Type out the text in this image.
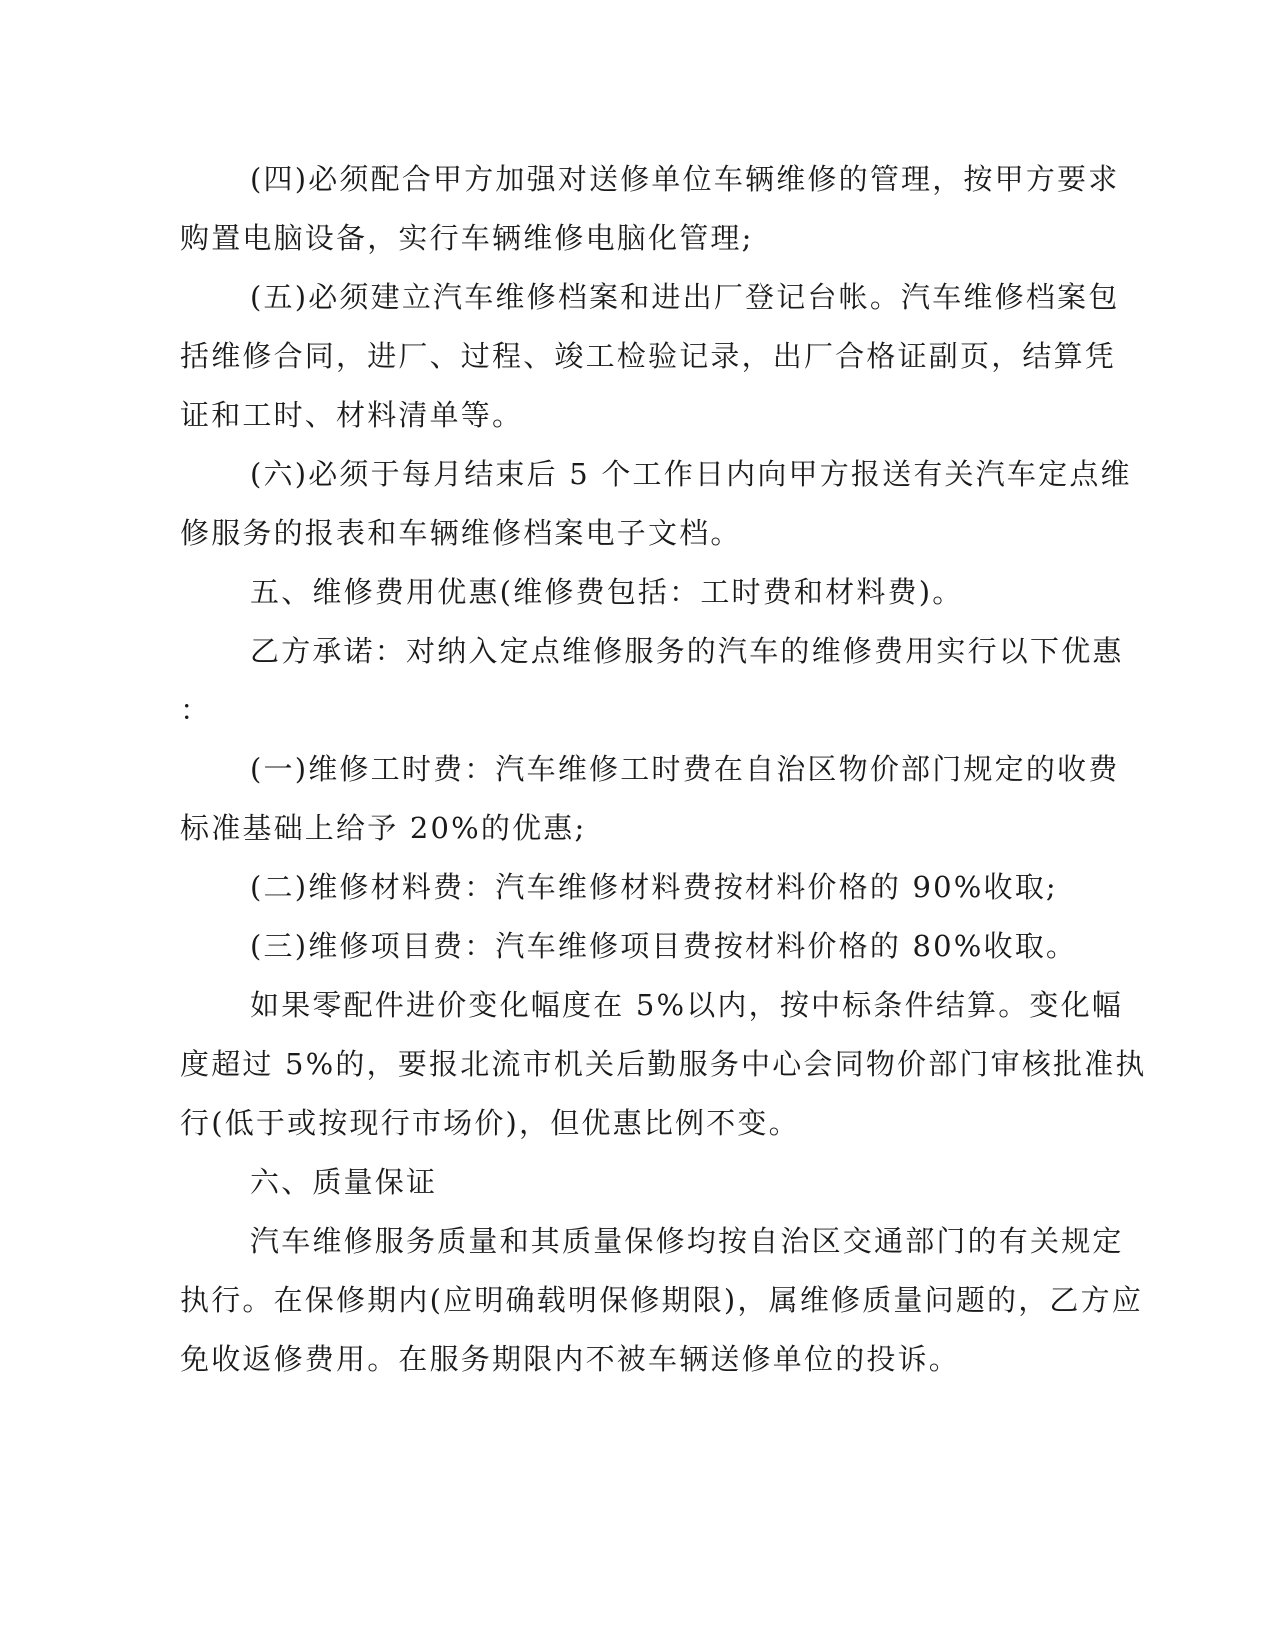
(四)必须配合甲方加强对送修单位车辆维修的管理，按甲方要求
购置电脑设备，实行车辆维修电脑化管理;
(五)必须建立汽车维修档案和进出厂登记台帐。汽车维修档案包
括维修合同，进厂、过程、竣工检验记录，出厂合格证副页，结算凭
证和工时、材料清单等。
(六)必须于每月结束后 5 个工作日内向甲方报送有关汽车定点维
修服务的报表和车辆维修档案电子文档。
五、维修费用优惠(维修费包括：工时费和材料费)。
乙方承诺：对纳入定点维修服务的汽车的维修费用实行以下优惠
：
(一)维修工时费：汽车维修工时费在自治区物价部门规定的收费
标准基础上给予 20%的优惠;
(二)维修材料费：汽车维修材料费按材料价格的 90%收取;
(三)维修项目费：汽车维修项目费按材料价格的 80%收取。
如果零配件进价变化幅度在 5%以内，按中标条件结算。变化幅
度超过 5%的，要报北流市机关后勤服务中心会同物价部门审核批准执
行(低于或按现行市场价)，但优惠比例不变。
六、质量保证
汽车维修服务质量和其质量保修均按自治区交通部门的有关规定
执行。在保修期内(应明确载明保修期限)，属维修质量问题的，乙方应
免收返修费用。在服务期限内不被车辆送修单位的投诉。
